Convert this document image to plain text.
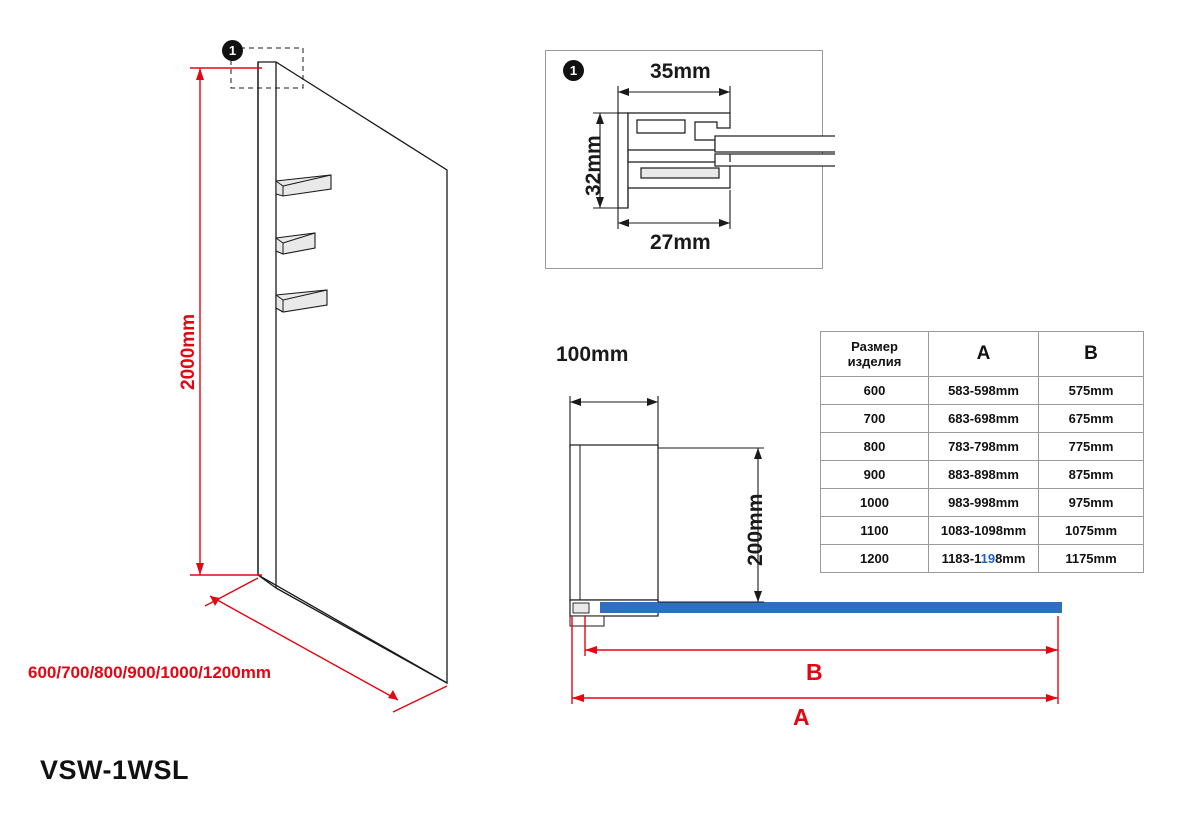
2000mm
600/700/800/900/1000/1200mm
1
1	35mm
32mm
27mm
100mm
200mm
B
A
Размер
изделия	A	B
600	583-598mm	575mm
700	683-698mm	675mm
800	783-798mm	775mm
900	883-898mm	875mm
1000	983-998mm	975mm
1100	1083-1098mm	1075mm
1200	1183-1198mm	1175mm
VSW-1WSL
